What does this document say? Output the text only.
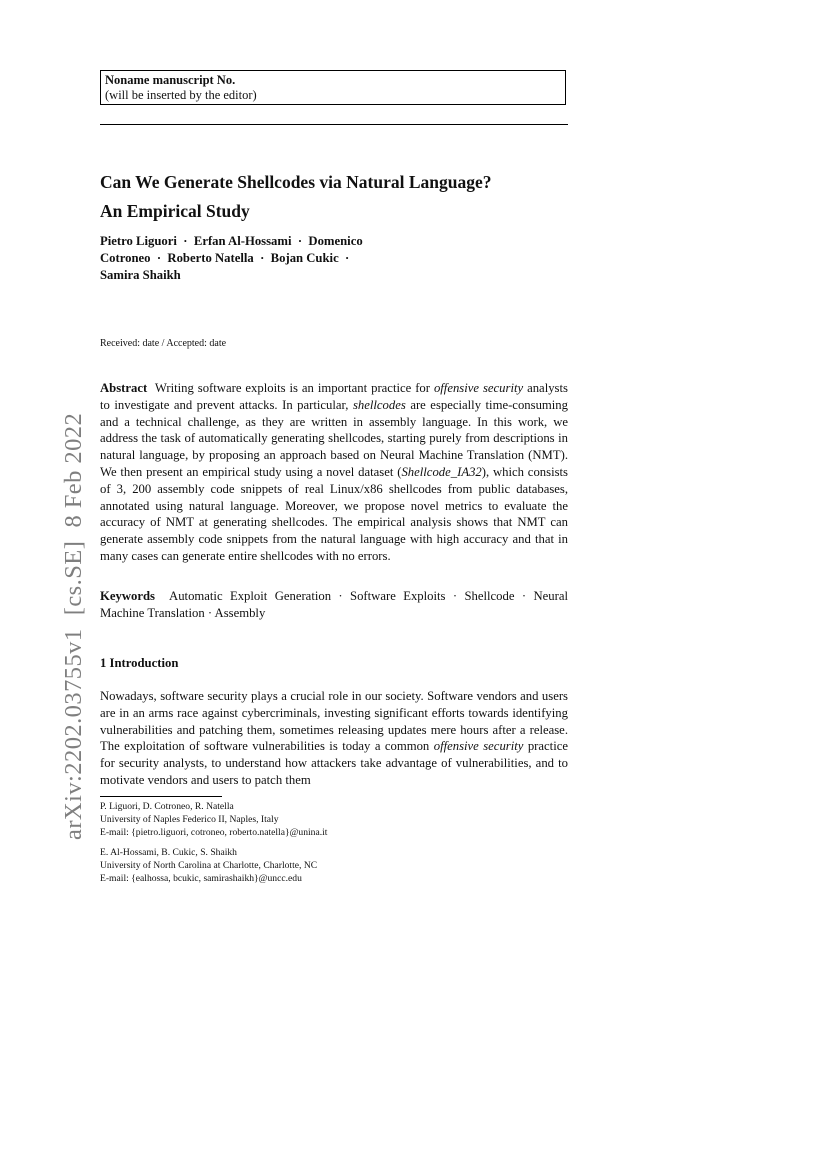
Noname manuscript No.
(will be inserted by the editor)
Can We Generate Shellcodes via Natural Language?
An Empirical Study
Pietro Liguori  ·  Erfan Al-Hossami  ·  Domenico
Cotroneo  ·  Roberto Natella  ·  Bojan Cukic  ·
Samira Shaikh
Received: date / Accepted: date
Abstract Writing software exploits is an important practice for offensive security analysts to investigate and prevent attacks. In particular, shellcodes are especially time-consuming and a technical challenge, as they are written in assembly language. In this work, we address the task of automatically generating shellcodes, starting purely from descriptions in natural language, by proposing an approach based on Neural Machine Translation (NMT). We then present an empirical study using a novel dataset (Shellcode_IA32), which consists of 3, 200 assembly code snippets of real Linux/x86 shellcodes from public databases, annotated using natural language. Moreover, we propose novel metrics to evaluate the accuracy of NMT at generating shellcodes. The empirical analysis shows that NMT can generate assembly code snippets from the natural language with high accuracy and that in many cases can generate entire shellcodes with no errors.
Keywords Automatic Exploit Generation · Software Exploits · Shellcode · Neural Machine Translation · Assembly
1 Introduction
Nowadays, software security plays a crucial role in our society. Software vendors and users are in an arms race against cybercriminals, investing significant efforts towards identifying vulnerabilities and patching them, sometimes releasing updates mere hours after a release. The exploitation of software vulnerabilities is today a common offensive security practice for security analysts, to understand how attackers take advantage of vulnerabilities, and to motivate vendors and users to patch them
P. Liguori, D. Cotroneo, R. Natella
University of Naples Federico II, Naples, Italy
E-mail: {pietro.liguori, cotroneo, roberto.natella}@unina.it
E. Al-Hossami, B. Cukic, S. Shaikh
University of North Carolina at Charlotte, Charlotte, NC
E-mail: {ealhossa, bcukic, samirashaikh}@uncc.edu
arXiv:2202.03755v1  [cs.SE]  8 Feb 2022
